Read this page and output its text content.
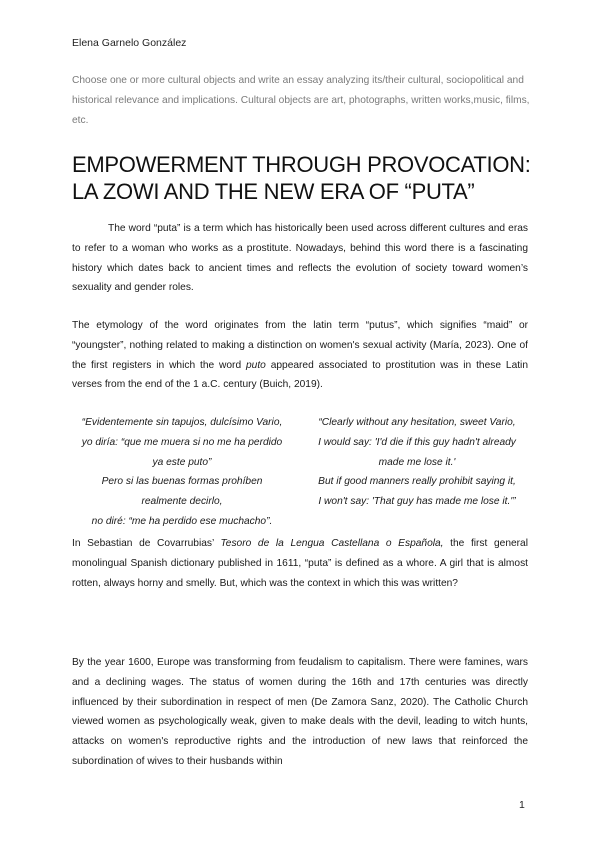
Elena Garnelo González
Choose one or more cultural objects and write an essay analyzing its/their cultural, sociopolitical and historical relevance and implications. Cultural objects are art, photographs, written works,music, films, etc.
EMPOWERMENT THROUGH PROVOCATION:
LA ZOWI AND THE NEW ERA OF “PUTA”

The word “puta” is a term which has historically been used across different cultures and eras to refer to a woman who works as a prostitute. Nowadays, behind this word there is a fascinating history which dates back to ancient times and reflects the evolution of society toward women’s sexuality and gender roles.

The etymology of the word originates from the latin term “putus”, which signifies “maid” or “youngster”, nothing related to making a distinction on women's sexual activity (María, 2023). One of the first registers in which the word puto appeared associated to prostitution was in these Latin verses from the end of the 1 a.C. century (Buich, 2019).

“Evidentemente sin tapujos, dulcísimo Vario,
yo diría: “que me muera si no me ha perdido
ya este puto”
Pero si las buenas formas prohíben
realmente decirlo,
no diré: “me ha perdido ese muchacho”.
“Clearly without any hesitation, sweet Vario,
I would say: 'I'd die if this guy hadn't already
made me lose it.'
But if good manners really prohibit saying it,
I won't say: 'That guy has made me lose it.'”

In Sebastian de Covarrubias’ Tesoro de la Lengua Castellana o Española, the first general monolingual Spanish dictionary published in 1611, “puta” is defined as a whore. A girl that is almost rotten, always horny and smelly. But, which was the context in which this was written?

By the year 1600, Europe was transforming from feudalism to capitalism. There were famines, wars and a declining wages. The status of women during the 16th and 17th centuries was directly influenced by their subordination in respect of men (De Zamora Sanz, 2020). The Catholic Church viewed women as psychologically weak, given to make deals with the devil, leading to witch hunts, attacks on women's reproductive rights and the introduction of new laws that reinforced the subordination of wives to their husbands within

1
